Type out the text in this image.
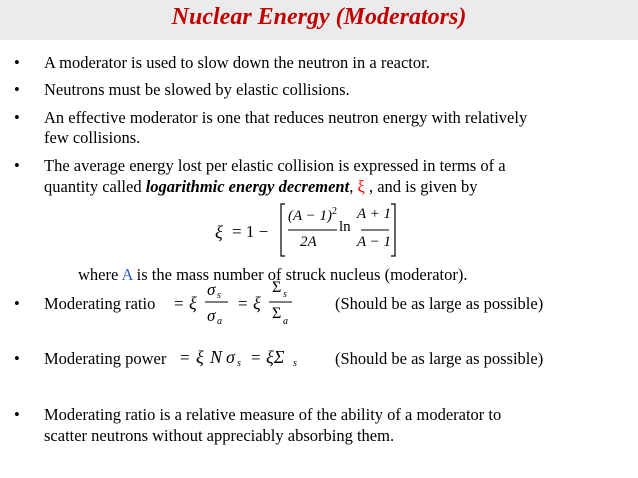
Nuclear Energy (Moderators)
• A moderator is used to slow down the neutron in a reactor.
• Neutrons must be slowed by elastic collisions.
• An effective moderator is one that reduces neutron energy with relatively
few collisions.
• The average energy lost per elastic collision is expressed in terms of a
quantity called logarithmic energy decrement, ξ , and is given by
ξ = 1 −
$(A - 1)^2$
2A
ln
A + 1
A − 1
where A is the mass number of struck nucleus (moderator).
• Moderating ratio = ξ
σ s
σ a
= ξ
Σ s
Σ a
(Should be as large as possible)
• Moderating power = ξ N σ s = ξΣ s (Should be as large as possible)
• Moderating ratio is a relative measure of the ability of a moderator to
scatter neutrons without appreciably absorbing them.
